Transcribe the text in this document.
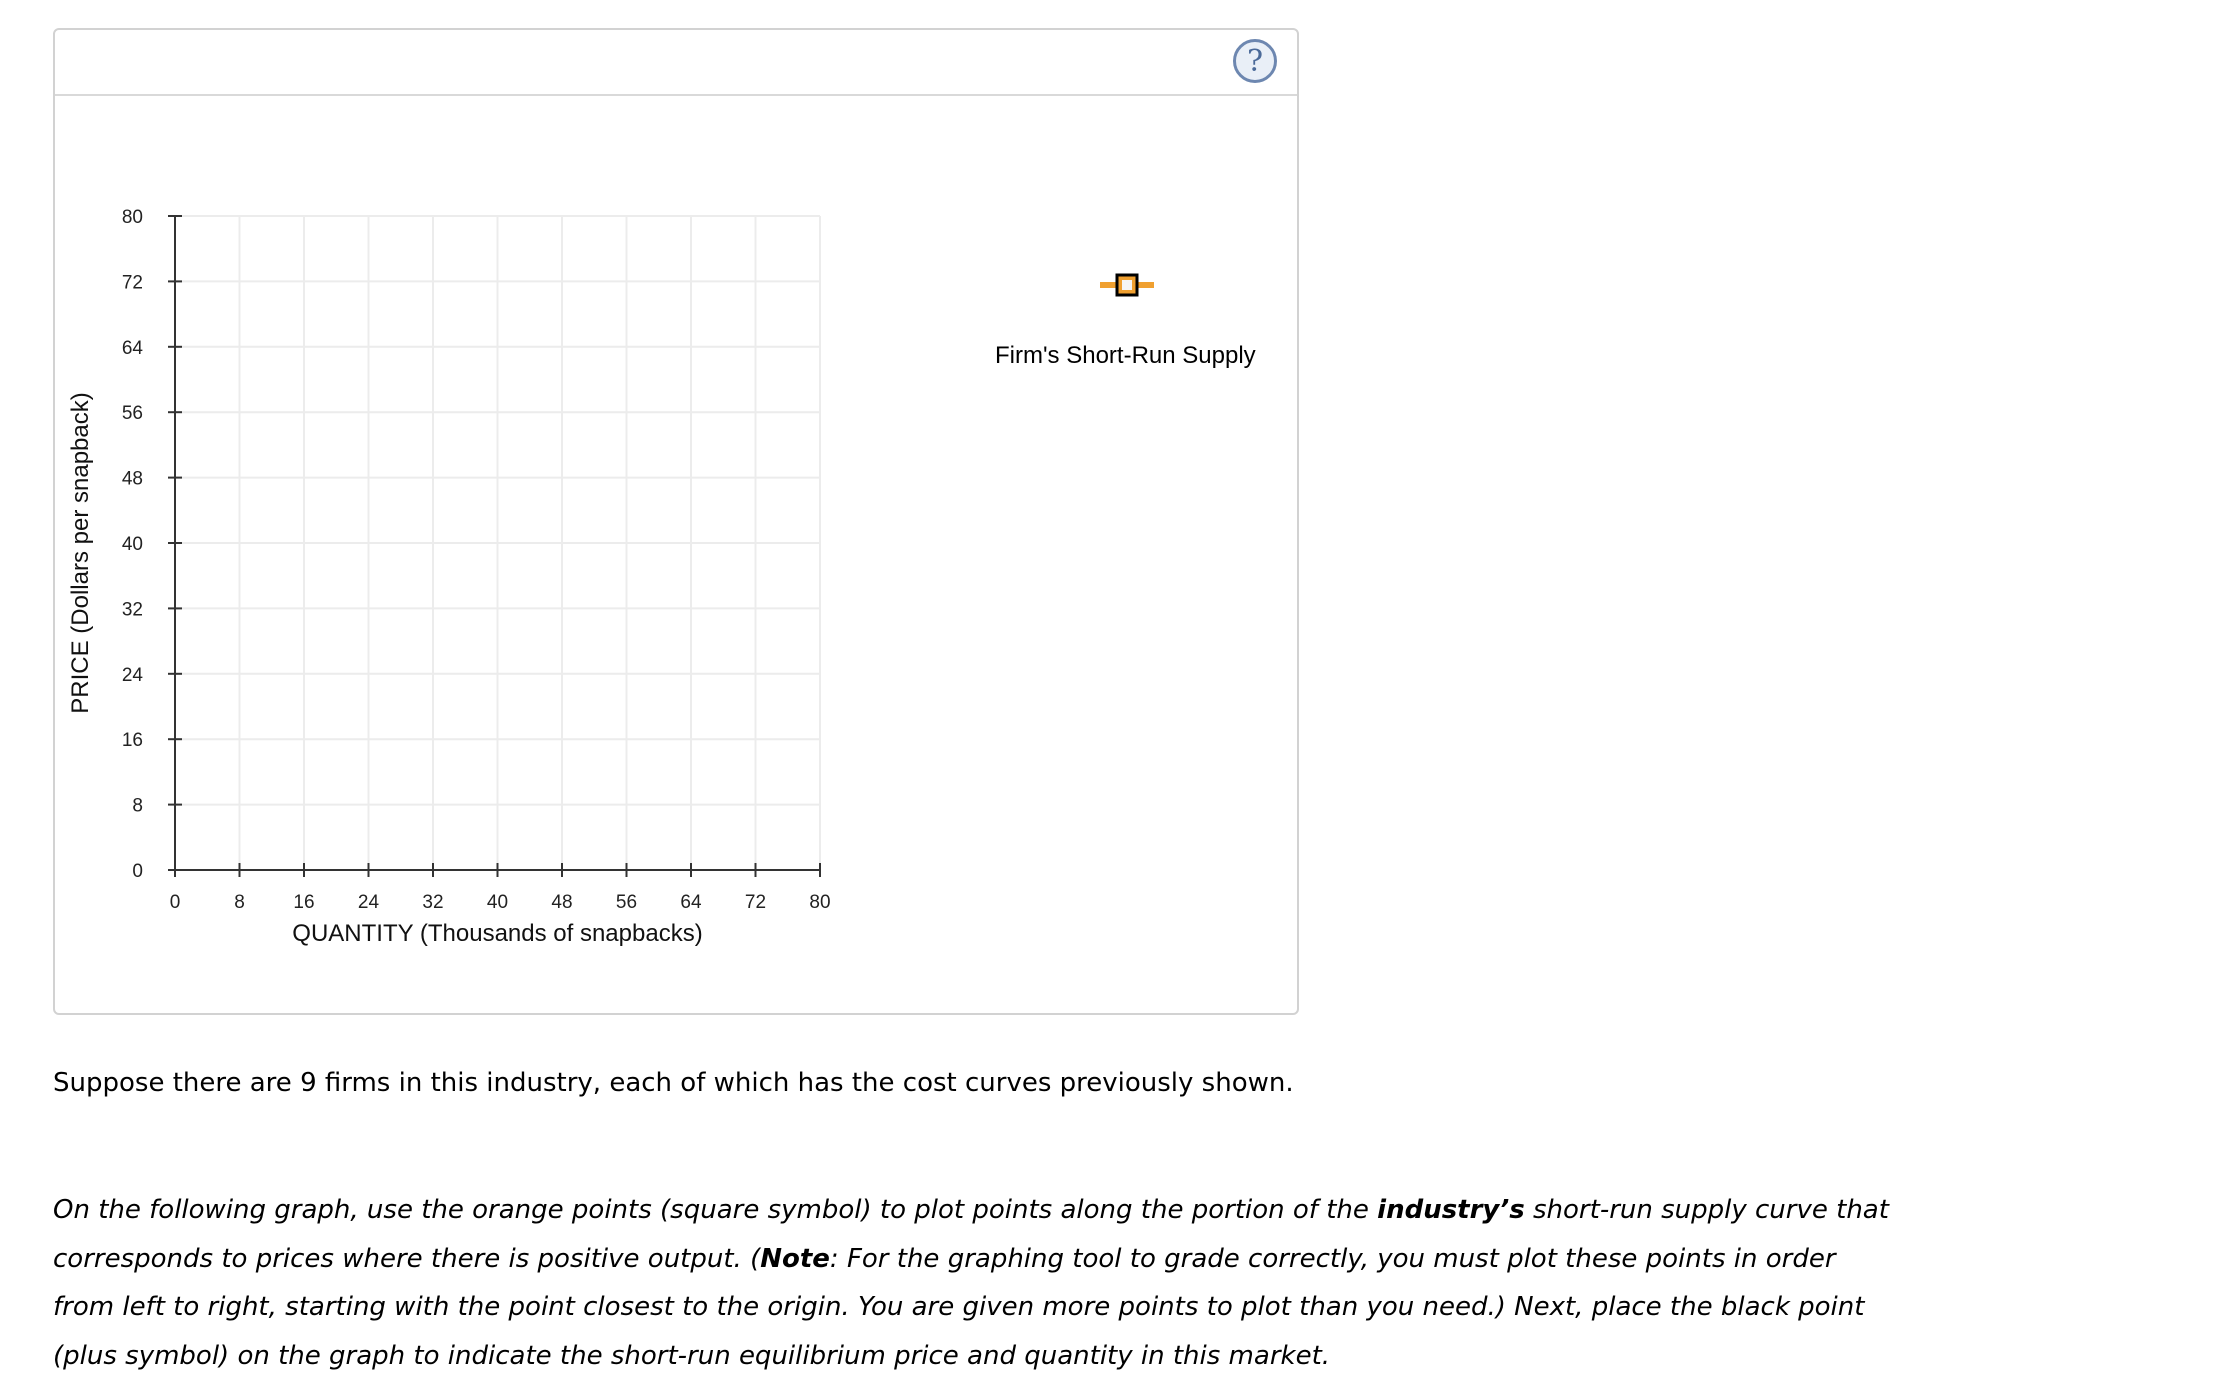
?
0
8
16
24
32
40
48
56
64
72
80
0	8	16 24 32 40 48 56 64 72 80
QUANTITY (Thousands of snapbacks)
PRICE (Dollars per snapback)
Firm's Short-Run Supply
Suppose there are 9 firms in this industry, each of which has the cost curves previously shown.
On the following graph, use the orange points (square symbol) to plot points along the portion of the industry’s short-run supply curve that corresponds to prices where there is positive output. (Note: For the graphing tool to grade correctly, you must plot these points in order from left to right, starting with the point closest to the origin. You are given more points to plot than you need.) Next, place the black point (plus symbol) on the graph to indicate the short-run equilibrium price and quantity in this market.
